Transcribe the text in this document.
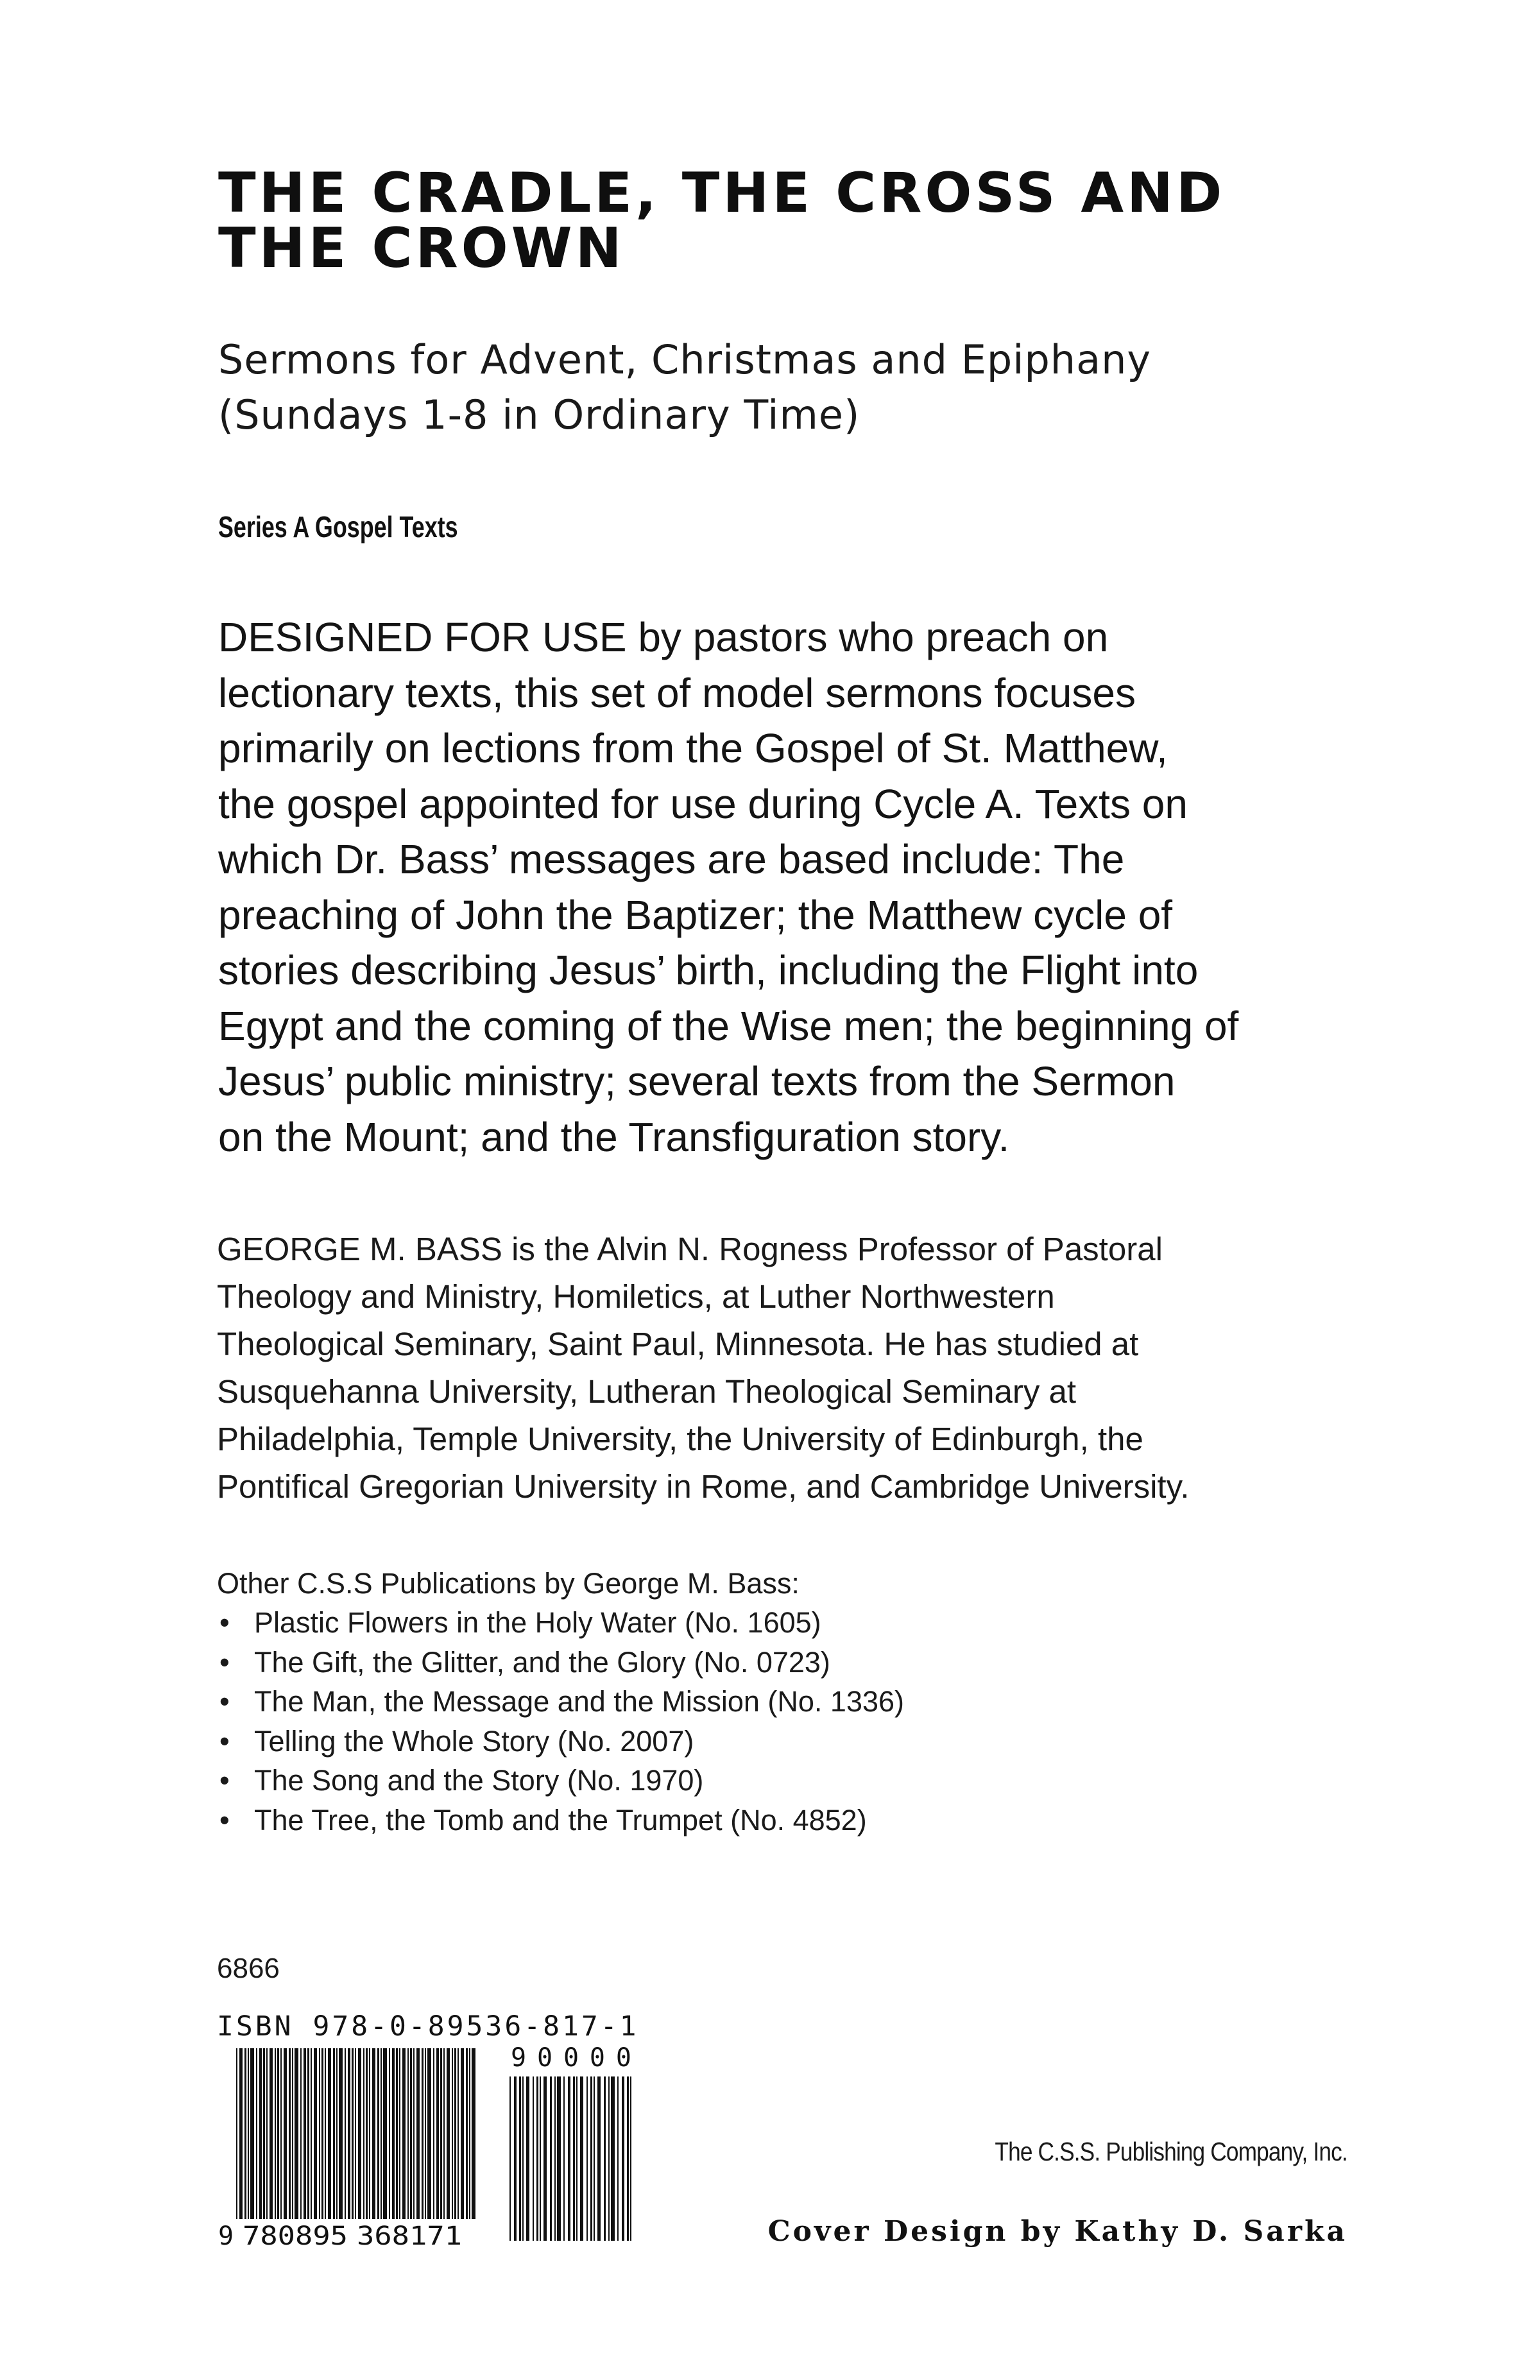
THE CRADLE, THE CROSS AND
THE CROWN

Sermons for Advent, Christmas and Epiphany
(Sundays 1-8 in Ordinary Time)

Series A Gospel Texts

DESIGNED FOR USE by pastors who preach on
lectionary texts, this set of model sermons focuses
primarily on lections from the Gospel of St. Matthew,
the gospel appointed for use during Cycle A. Texts on
which Dr. Bass’ messages are based include: The
preaching of John the Baptizer; the Matthew cycle of
stories describing Jesus’ birth, including the Flight into
Egypt and the coming of the Wise men; the beginning of
Jesus’ public ministry; several texts from the Sermon
on the Mount; and the Transfiguration story.

GEORGE M. BASS is the Alvin N. Rogness Professor of Pastoral
Theology and Ministry, Homiletics, at Luther Northwestern
Theological Seminary, Saint Paul, Minnesota. He has studied at
Susquehanna University, Lutheran Theological Seminary at
Philadelphia, Temple University, the University of Edinburgh, the
Pontifical Gregorian University in Rome, and Cambridge University.

Other C.S.S Publications by George M. Bass:

• Plastic Flowers in the Holy Water (No. 1605)
• The Gift, the Glitter, and the Glory (No. 0723)
• The Man, the Message and the Mission (No. 1336)
• Telling the Whole Story (No. 2007)
• The Song and the Story (No. 1970)
• The Tree, the Tomb and the Trumpet (No. 4852)
6866
ISBN 978-0-89536-817-1
9 780895 368171
90000
The C.S.S. Publishing Company, Inc.
Cover Design by Kathy D. Sarka
